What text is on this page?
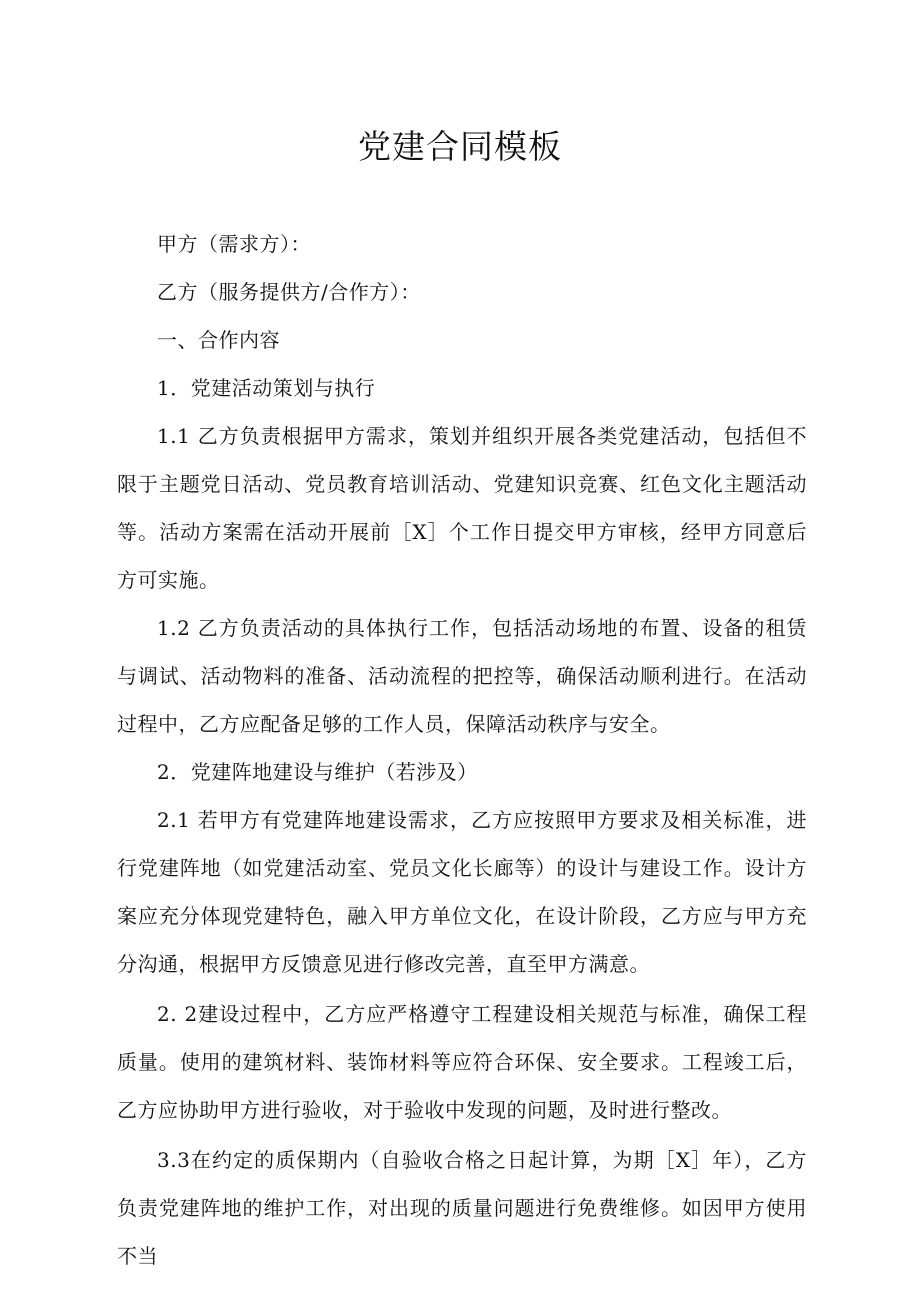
党建合同模板

甲方（需求方）：

乙方（服务提供方/合作方）：

一、合作内容

1．党建活动策划与执行

1.1 乙方负责根据甲方需求，策划并组织开展各类党建活动，包括但不限于主题党日活动、党员教育培训活动、党建知识竞赛、红色文化主题活动等。活动方案需在活动开展前［X］个工作日提交甲方审核，经甲方同意后方可实施。

1.2 乙方负责活动的具体执行工作，包括活动场地的布置、设备的租赁与调试、活动物料的准备、活动流程的把控等，确保活动顺利进行。在活动过程中，乙方应配备足够的工作人员，保障活动秩序与安全。

2．党建阵地建设与维护（若涉及）

2.1 若甲方有党建阵地建设需求，乙方应按照甲方要求及相关标准，进行党建阵地（如党建活动室、党员文化长廊等）的设计与建设工作。设计方案应充分体现党建特色，融入甲方单位文化，在设计阶段，乙方应与甲方充分沟通，根据甲方反馈意见进行修改完善，直至甲方满意。

2. 2建设过程中，乙方应严格遵守工程建设相关规范与标准，确保工程质量。使用的建筑材料、装饰材料等应符合环保、安全要求。工程竣工后，乙方应协助甲方进行验收，对于验收中发现的问题，及时进行整改。

3.3在约定的质保期内（自验收合格之日起计算，为期［X］年），乙方负责党建阵地的维护工作，对出现的质量问题进行免费维修。如因甲方使用不当
